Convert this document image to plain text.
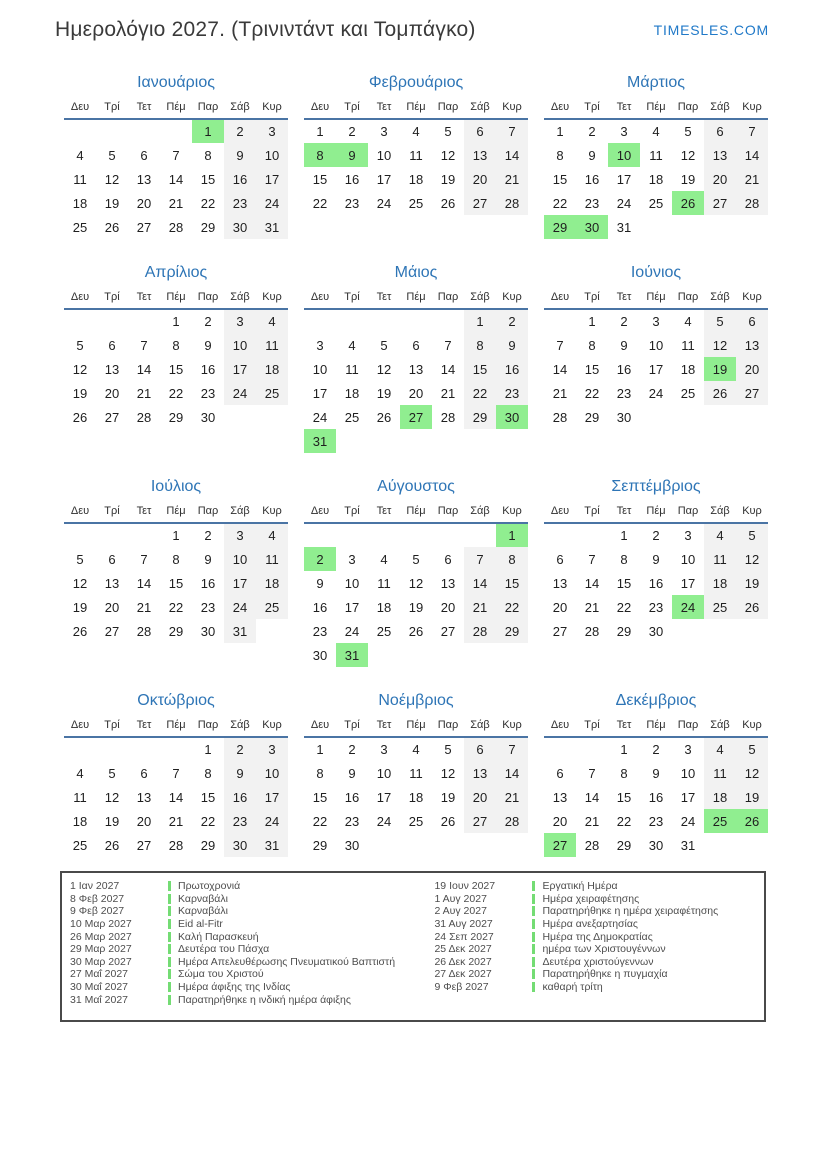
Ημερολόγιο 2027. (Τρινιντάντ και Τομπάγκο)	TIMESLES.COM
Ιανουάριος
Δευ	Τρί	Τετ	Πέμ	Παρ	Σάβ	Κυρ
				1	2	3
4	5	6	7	8	9	10
11	12	13	14	15	16	17
18	19	20	21	22	23	24
25	26	27	28	29	30	31
Φεβρουάριος
Δευ	Τρί	Τετ	Πέμ	Παρ	Σάβ	Κυρ
1	2	3	4	5	6	7
8	9	10	11	12	13	14
15	16	17	18	19	20	21
22	23	24	25	26	27	28
Μάρτιος
Δευ	Τρί	Τετ	Πέμ	Παρ	Σάβ	Κυρ
1	2	3	4	5	6	7
8	9	10	11	12	13	14
15	16	17	18	19	20	21
22	23	24	25	26	27	28
29	30	31				
Απρίλιος
Δευ	Τρί	Τετ	Πέμ	Παρ	Σάβ	Κυρ
			1	2	3	4
5	6	7	8	9	10	11
12	13	14	15	16	17	18
19	20	21	22	23	24	25
26	27	28	29	30		
Μάιος
Δευ	Τρί	Τετ	Πέμ	Παρ	Σάβ	Κυρ
					1	2
3	4	5	6	7	8	9
10	11	12	13	14	15	16
17	18	19	20	21	22	23
24	25	26	27	28	29	30
31						
Ιούνιος
Δευ	Τρί	Τετ	Πέμ	Παρ	Σάβ	Κυρ
	1	2	3	4	5	6
7	8	9	10	11	12	13
14	15	16	17	18	19	20
21	22	23	24	25	26	27
28	29	30				
Ιούλιος
Δευ	Τρί	Τετ	Πέμ	Παρ	Σάβ	Κυρ
			1	2	3	4
5	6	7	8	9	10	11
12	13	14	15	16	17	18
19	20	21	22	23	24	25
26	27	28	29	30	31	
Αύγουστος
Δευ	Τρί	Τετ	Πέμ	Παρ	Σάβ	Κυρ
						1
2	3	4	5	6	7	8
9	10	11	12	13	14	15
16	17	18	19	20	21	22
23	24	25	26	27	28	29
30	31					
Σεπτέμβριος
Δευ	Τρί	Τετ	Πέμ	Παρ	Σάβ	Κυρ
		1	2	3	4	5
6	7	8	9	10	11	12
13	14	15	16	17	18	19
20	21	22	23	24	25	26
27	28	29	30			
Οκτώβριος
Δευ	Τρί	Τετ	Πέμ	Παρ	Σάβ	Κυρ
				1	2	3
4	5	6	7	8	9	10
11	12	13	14	15	16	17
18	19	20	21	22	23	24
25	26	27	28	29	30	31
Νοέμβριος
Δευ	Τρί	Τετ	Πέμ	Παρ	Σάβ	Κυρ
1	2	3	4	5	6	7
8	9	10	11	12	13	14
15	16	17	18	19	20	21
22	23	24	25	26	27	28
29	30					
Δεκέμβριος
Δευ	Τρί	Τετ	Πέμ	Παρ	Σάβ	Κυρ
		1	2	3	4	5
6	7	8	9	10	11	12
13	14	15	16	17	18	19
20	21	22	23	24	25	26
27	28	29	30	31		
1 Ιαν 2027	Πρωτοχρονιά
8 Φεβ 2027	Καρναβάλι
9 Φεβ 2027	Καρναβάλι
10 Μαρ 2027	Eid al-Fitr
26 Μαρ 2027	Καλή Παρασκευή
29 Μαρ 2027	Δευτέρα του Πάσχα
30 Μαρ 2027	Ημέρα Απελευθέρωσης Πνευματικού Βαπτιστή
27 Μαΐ 2027	Σώμα του Χριστού
30 Μαΐ 2027	Ημέρα άφιξης της Ινδίας
31 Μαΐ 2027	Παρατηρήθηκε η ινδική ημέρα άφιξης
19 Ιουν 2027	Εργατική Ημέρα
1 Αυγ 2027	Ημέρα χειραφέτησης
2 Αυγ 2027	Παρατηρήθηκε η ημέρα χειραφέτησης
31 Αυγ 2027	Ημέρα ανεξαρτησίας
24 Σεπ 2027	Ημέρα της Δημοκρατίας
25 Δεκ 2027	ημέρα των Χριστουγέννων
26 Δεκ 2027	Δευτέρα χριστούγεννων
27 Δεκ 2027	Παρατηρήθηκε η πυγμαχία
9 Φεβ 2027	καθαρή τρίτη
